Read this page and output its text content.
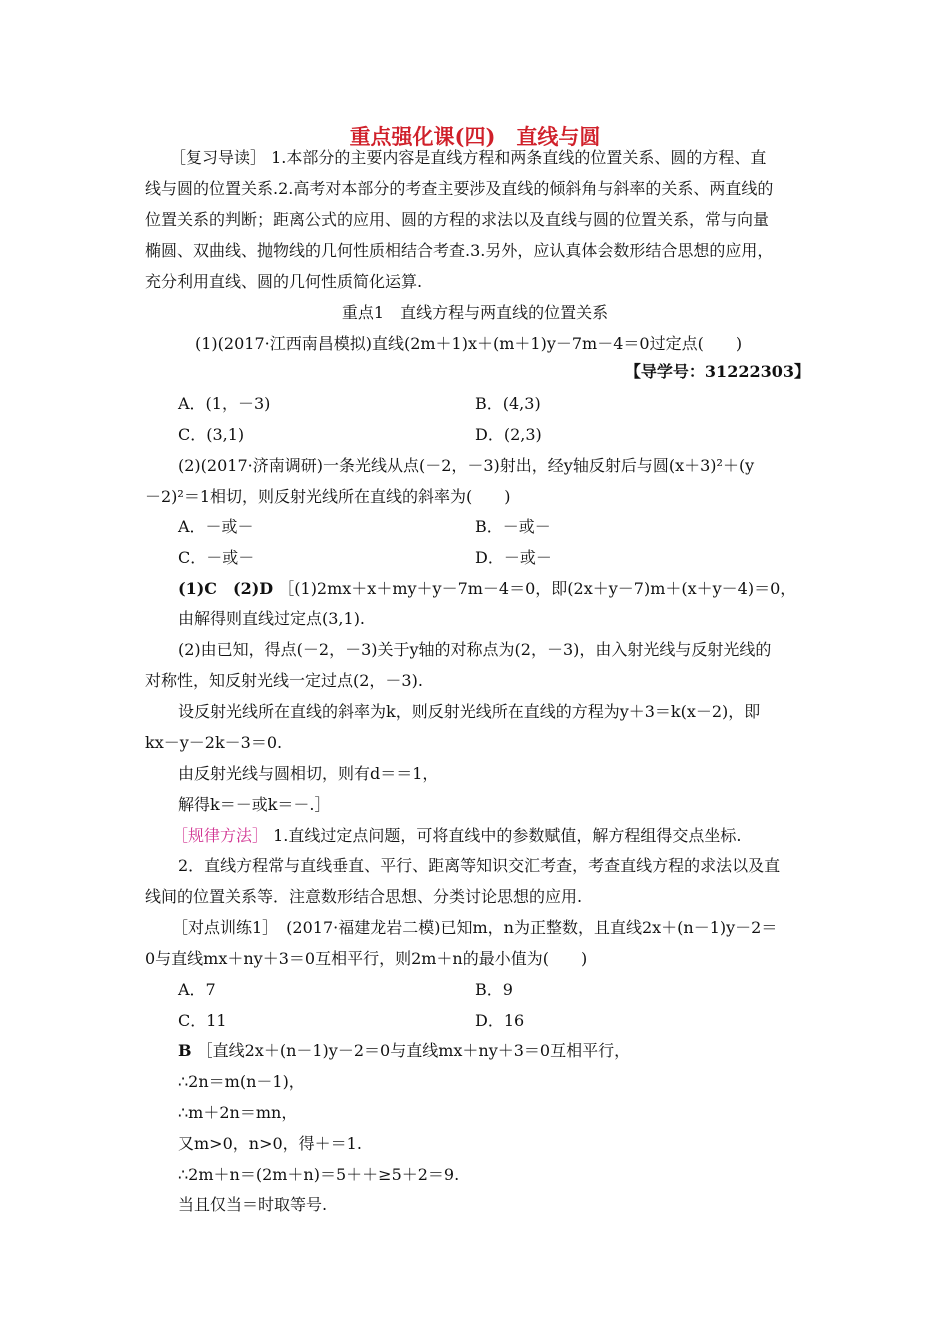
重点强化课(四)　直线与圆
［复习导读］ 1.本部分的主要内容是直线方程和两条直线的位置关系、圆的方程、直
线与圆的位置关系.2.高考对本部分的考查主要涉及直线的倾斜角与斜率的关系、两直线的
位置关系的判断；距离公式的应用、圆的方程的求法以及直线与圆的位置关系，常与向量
椭圆、双曲线、抛物线的几何性质相结合考查.3.另外，应认真体会数形结合思想的应用，
充分利用直线、圆的几何性质简化运算.
重点1　直线方程与两直线的位置关系
(1)(2017·江西南昌模拟)直线(2m＋1)x＋(m＋1)y－7m－4＝0过定点(　　)
【导学号：31222303】
A．(1，－3)	B．(4,3)
C．(3,1)	D．(2,3)
(2)(2017·济南调研)一条光线从点(－2，－3)射出，经y轴反射后与圆(x＋3)²＋(y
－2)²＝1相切，则反射光线所在直线的斜率为(　　)
A．－或－	B．－或－
C．－或－	D．－或－
(1)C　(2)D ［(1)2mx＋x＋my＋y－7m－4＝0，即(2x＋y－7)m＋(x＋y－4)＝0，
由解得则直线过定点(3,1).
(2)由已知，得点(－2，－3)关于y轴的对称点为(2，－3)，由入射光线与反射光线的
对称性，知反射光线一定过点(2，－3).
设反射光线所在直线的斜率为k，则反射光线所在直线的方程为y＋3＝k(x－2)，即
kx－y－2k－3＝0.
由反射光线与圆相切，则有d＝＝1，
解得k＝－或k＝－.］
［规律方法］ 1.直线过定点问题，可将直线中的参数赋值，解方程组得交点坐标.
2．直线方程常与直线垂直、平行、距离等知识交汇考查，考查直线方程的求法以及直
线间的位置关系等．注意数形结合思想、分类讨论思想的应用.
［对点训练1］　(2017·福建龙岩二模)已知m，n为正整数，且直线2x＋(n－1)y－2＝
0与直线mx＋ny＋3＝0互相平行，则2m＋n的最小值为(　　)
A．7	B．9
C．11	D．16
B ［直线2x＋(n－1)y－2＝0与直线mx＋ny＋3＝0互相平行，
∴2n＝m(n－1)，
∴m＋2n＝mn，
又m>0，n>0，得＋＝1.
∴2m＋n＝(2m＋n)＝5＋＋≥5＋2＝9.
当且仅当＝时取等号.
